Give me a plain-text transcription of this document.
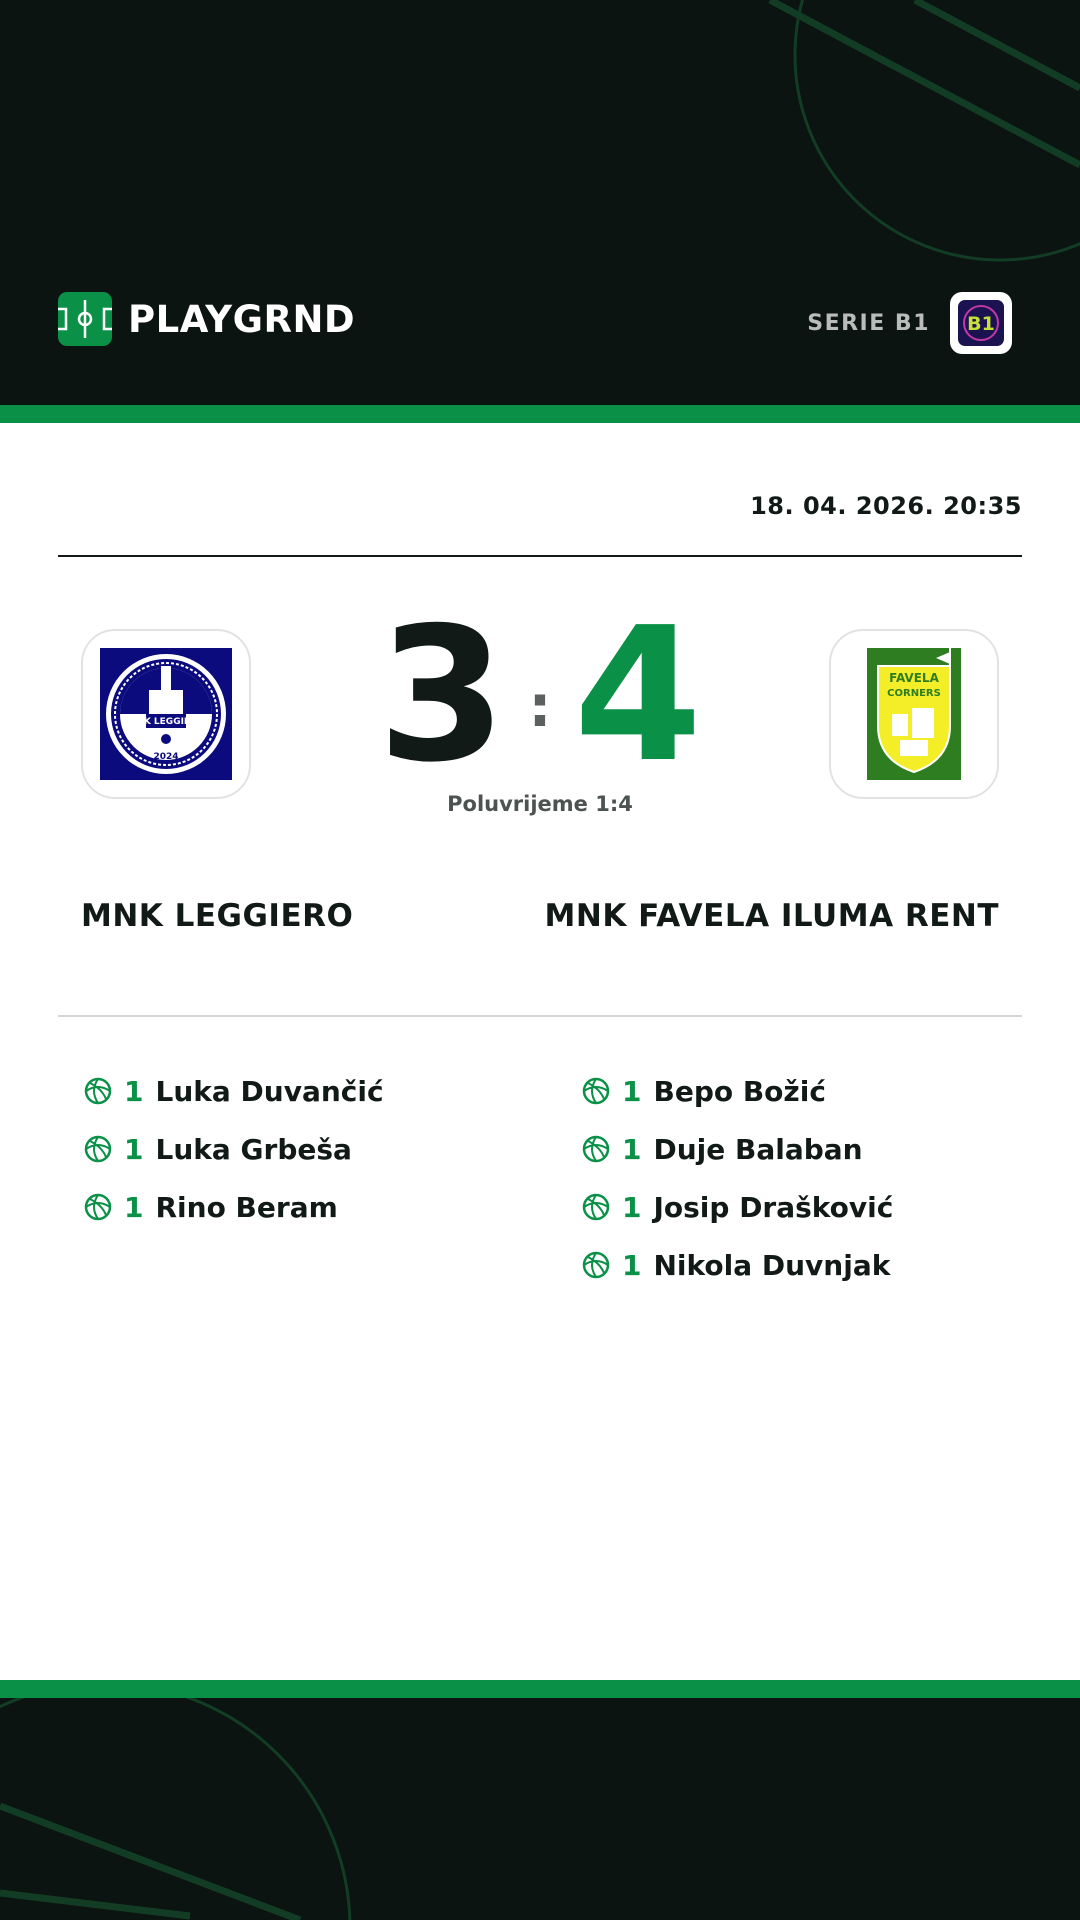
PLAYGRND	SERIE B1 B1
18. 04. 2026. 20:35
MNK LEGGIERO
2024 3 : 4
Poluvrijeme 1:4
FAVELA
CORNERS
MNK LEGGIERO	MNK FAVELA ILUMA RENT
1 Luka Duvančić
1 Luka Grbeša
1 Rino Beram
1 Bepo Božić
1 Duje Balaban
1 Josip Drašković
1 Nikola Duvnjak
